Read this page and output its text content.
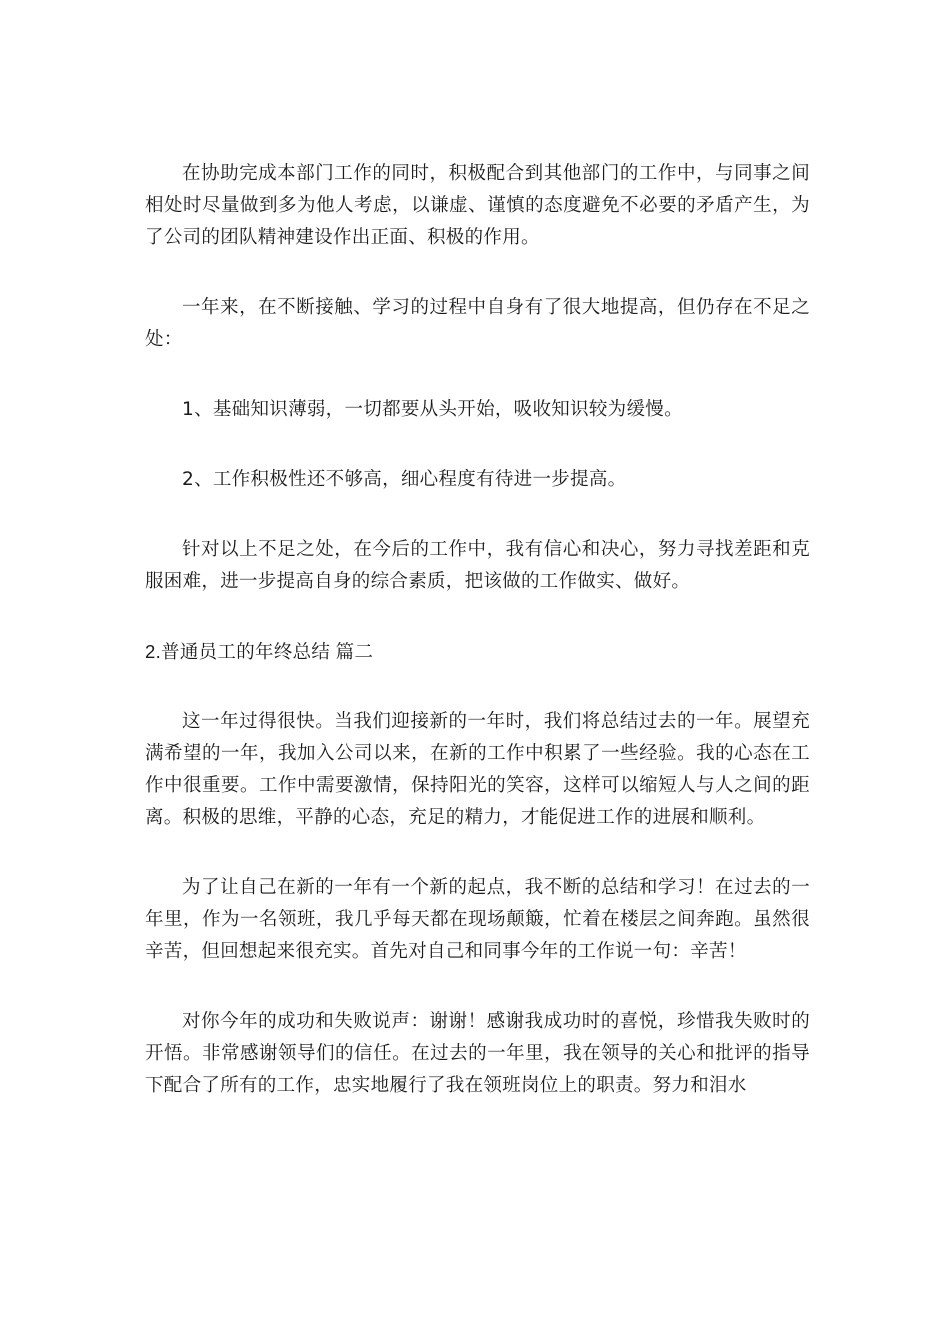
在协助完成本部门工作的同时，积极配合到其他部门的工作中，与同事之间相处时尽量做到多为他人考虑，以谦虚、谨慎的态度避免不必要的矛盾产生，为了公司的团队精神建设作出正面、积极的作用。

一年来，在不断接触、学习的过程中自身有了很大地提高，但仍存在不足之处：

1、基础知识薄弱，一切都要从头开始，吸收知识较为缓慢。

2、工作积极性还不够高，细心程度有待进一步提高。

针对以上不足之处，在今后的工作中，我有信心和决心，努力寻找差距和克服困难，进一步提高自身的综合素质，把该做的工作做实、做好。

2.普通员工的年终总结 篇二

这一年过得很快。当我们迎接新的一年时，我们将总结过去的一年。展望充满希望的一年，我加入公司以来，在新的工作中积累了一些经验。我的心态在工作中很重要。工作中需要激情，保持阳光的笑容，这样可以缩短人与人之间的距离。积极的思维，平静的心态，充足的精力，才能促进工作的进展和顺利。

为了让自己在新的一年有一个新的起点，我不断的总结和学习！在过去的一年里，作为一名领班，我几乎每天都在现场颠簸，忙着在楼层之间奔跑。虽然很辛苦，但回想起来很充实。首先对自己和同事今年的工作说一句：辛苦！

对你今年的成功和失败说声：谢谢！感谢我成功时的喜悦，珍惜我失败时的开悟。非常感谢领导们的信任。在过去的一年里，我在领导的关心和批评的指导下配合了所有的工作，忠实地履行了我在领班岗位上的职责。努力和泪水
